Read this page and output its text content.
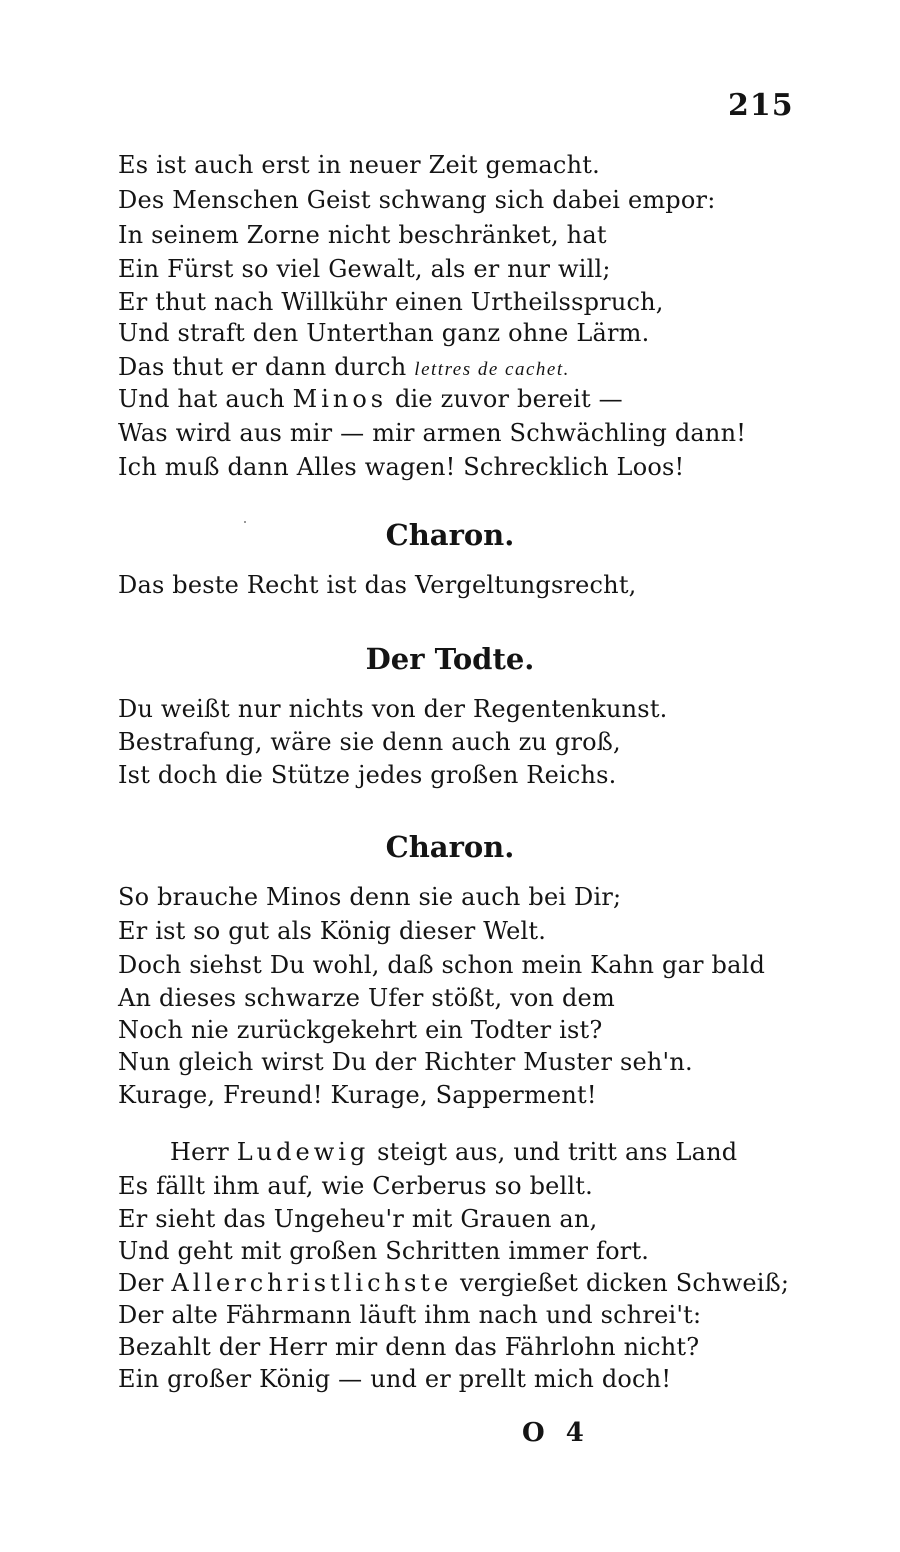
215
Es ist auch erst in neuer Zeit gemacht.
Des Menschen Geist schwang sich dabei empor:
In seinem Zorne nicht beschränket, hat
Ein Fürst so viel Gewalt, als er nur will;
Er thut nach Willkühr einen Urtheilsspruch,
Und straft den Unterthan ganz ohne Lärm.
Das thut er dann durch lettres de cachet.
Und hat auch Minos die zuvor bereit —
Was wird aus mir — mir armen Schwächling dann!
Ich muß dann Alles wagen! Schrecklich Loos!
Charon.
Das beste Recht ist das Vergeltungsrecht,
Der Todte.
Du weißt nur nichts von der Regentenkunst.
Bestrafung, wäre sie denn auch zu groß,
Ist doch die Stütze jedes großen Reichs.
Charon.
So brauche Minos denn sie auch bei Dir;
Er ist so gut als König dieser Welt.
Doch siehst Du wohl, daß schon mein Kahn gar bald
An dieses schwarze Ufer stößt, von dem
Noch nie zurückgekehrt ein Todter ist?
Nun gleich wirst Du der Richter Muster seh'n.
Kurage, Freund! Kurage, Sapperment!
Herr Ludewig steigt aus, und tritt ans Land
Es fällt ihm auf, wie Cerberus so bellt.
Er sieht das Ungeheu'r mit Grauen an,
Und geht mit großen Schritten immer fort.
Der Allerchristlichste vergießet dicken Schweiß;
Der alte Fährmann läuft ihm nach und schrei't:
Bezahlt der Herr mir denn das Fährlohn nicht?
Ein großer König — und er prellt mich doch!
O 4
